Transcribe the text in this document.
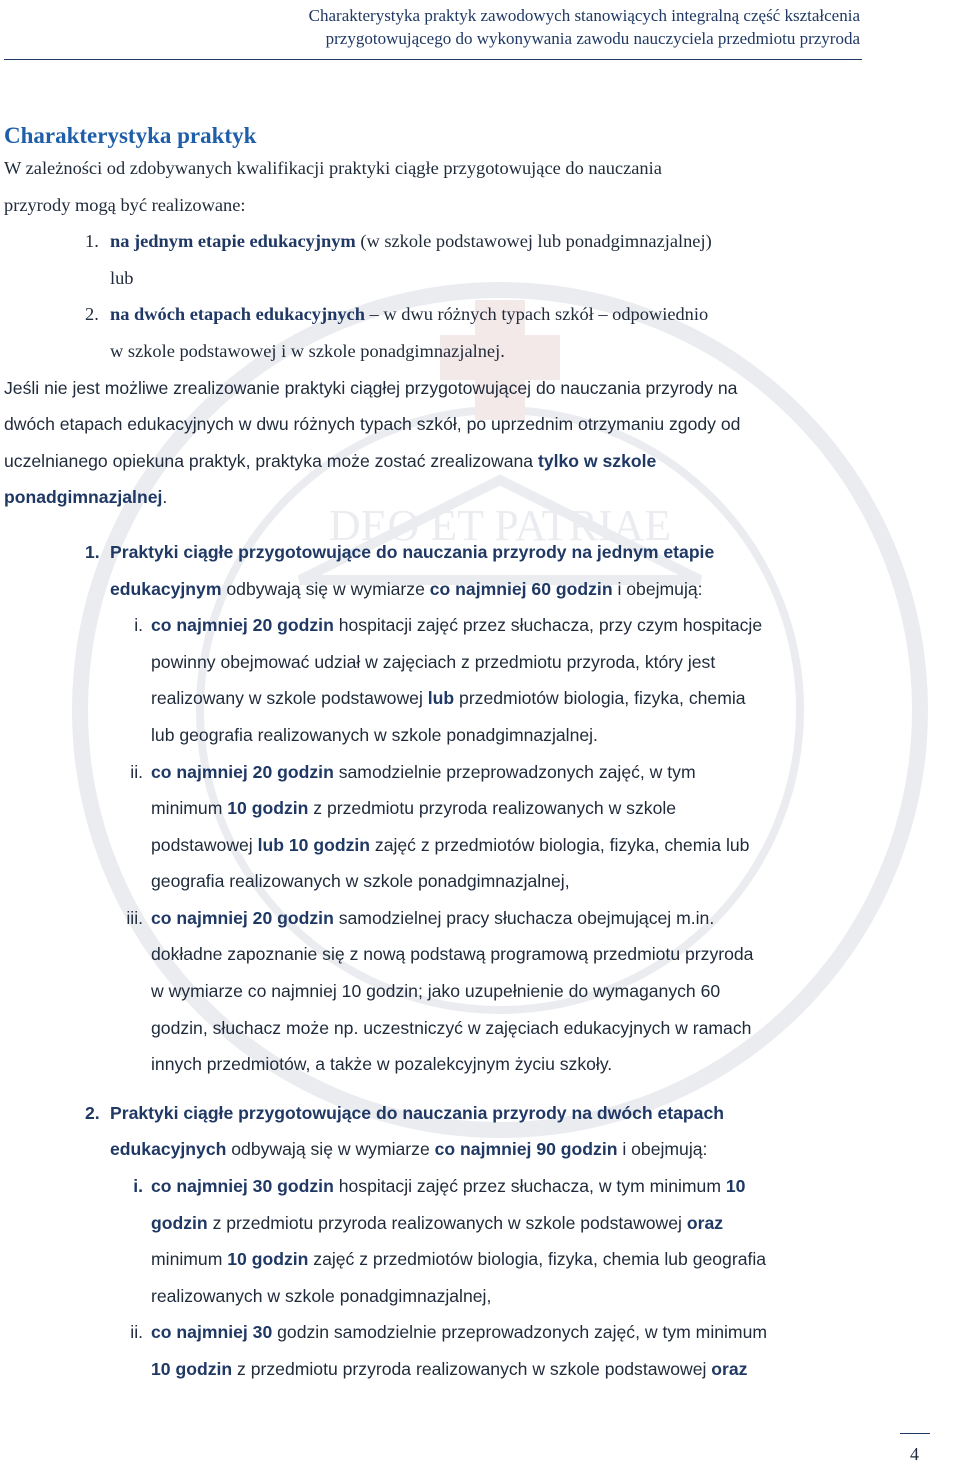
DEO ET PATRIAE
Charakterystyka praktyk zawodowych stanowiących integralną część kształcenia
przygotowującego do wykonywania zawodu nauczyciela przedmiotu przyroda
Charakterystyka praktyk
W zależności od zdobywanych kwalifikacji praktyki ciągłe przygotowujące do nauczania
przyrody mogą być realizowane:
1. na jednym etapie edukacyjnym (w szkole podstawowej lub ponadgimnazjalnej)
lub
2. na dwóch etapach edukacyjnych – w dwu różnych typach szkół – odpowiednio
w szkole podstawowej i w szkole ponadgimnazjalnej.
Jeśli nie jest możliwe zrealizowanie praktyki ciągłej przygotowującej do nauczania przyrody na
dwóch etapach edukacyjnych w dwu różnych typach szkół, po uprzednim otrzymaniu zgody od
uczelnianego opiekuna praktyk, praktyka może zostać zrealizowana tylko w szkole
ponadgimnazjalnej.
1. Praktyki ciągłe przygotowujące do nauczania przyrody na jednym etapie
edukacyjnym odbywają się w wymiarze co najmniej 60 godzin i obejmują:
i. co najmniej 20 godzin hospitacji zajęć przez słuchacza, przy czym hospitacje
powinny obejmować udział w zajęciach z przedmiotu przyroda, który jest
realizowany w szkole podstawowej lub przedmiotów biologia, fizyka, chemia
lub geografia realizowanych w szkole ponadgimnazjalnej.
ii. co najmniej 20 godzin samodzielnie przeprowadzonych zajęć, w tym
minimum 10 godzin z przedmiotu przyroda realizowanych w szkole
podstawowej lub 10 godzin zajęć z przedmiotów biologia, fizyka, chemia lub
geografia realizowanych w szkole ponadgimnazjalnej,
iii. co najmniej 20 godzin samodzielnej pracy słuchacza obejmującej m.in.
dokładne zapoznanie się z nową podstawą programową przedmiotu przyroda
w wymiarze co najmniej 10 godzin; jako uzupełnienie do wymaganych 60
godzin, słuchacz może np. uczestniczyć w zajęciach edukacyjnych w ramach
innych przedmiotów, a także w pozalekcyjnym życiu szkoły.
2. Praktyki ciągłe przygotowujące do nauczania przyrody na dwóch etapach
edukacyjnych odbywają się w wymiarze co najmniej 90 godzin i obejmują:
i. co najmniej 30 godzin hospitacji zajęć przez słuchacza, w tym minimum 10
godzin z przedmiotu przyroda realizowanych w szkole podstawowej oraz
minimum 10 godzin zajęć z przedmiotów biologia, fizyka, chemia lub geografia
realizowanych w szkole ponadgimnazjalnej,
ii. co najmniej 30 godzin samodzielnie przeprowadzonych zajęć, w tym minimum
10 godzin z przedmiotu przyroda realizowanych w szkole podstawowej oraz
4
